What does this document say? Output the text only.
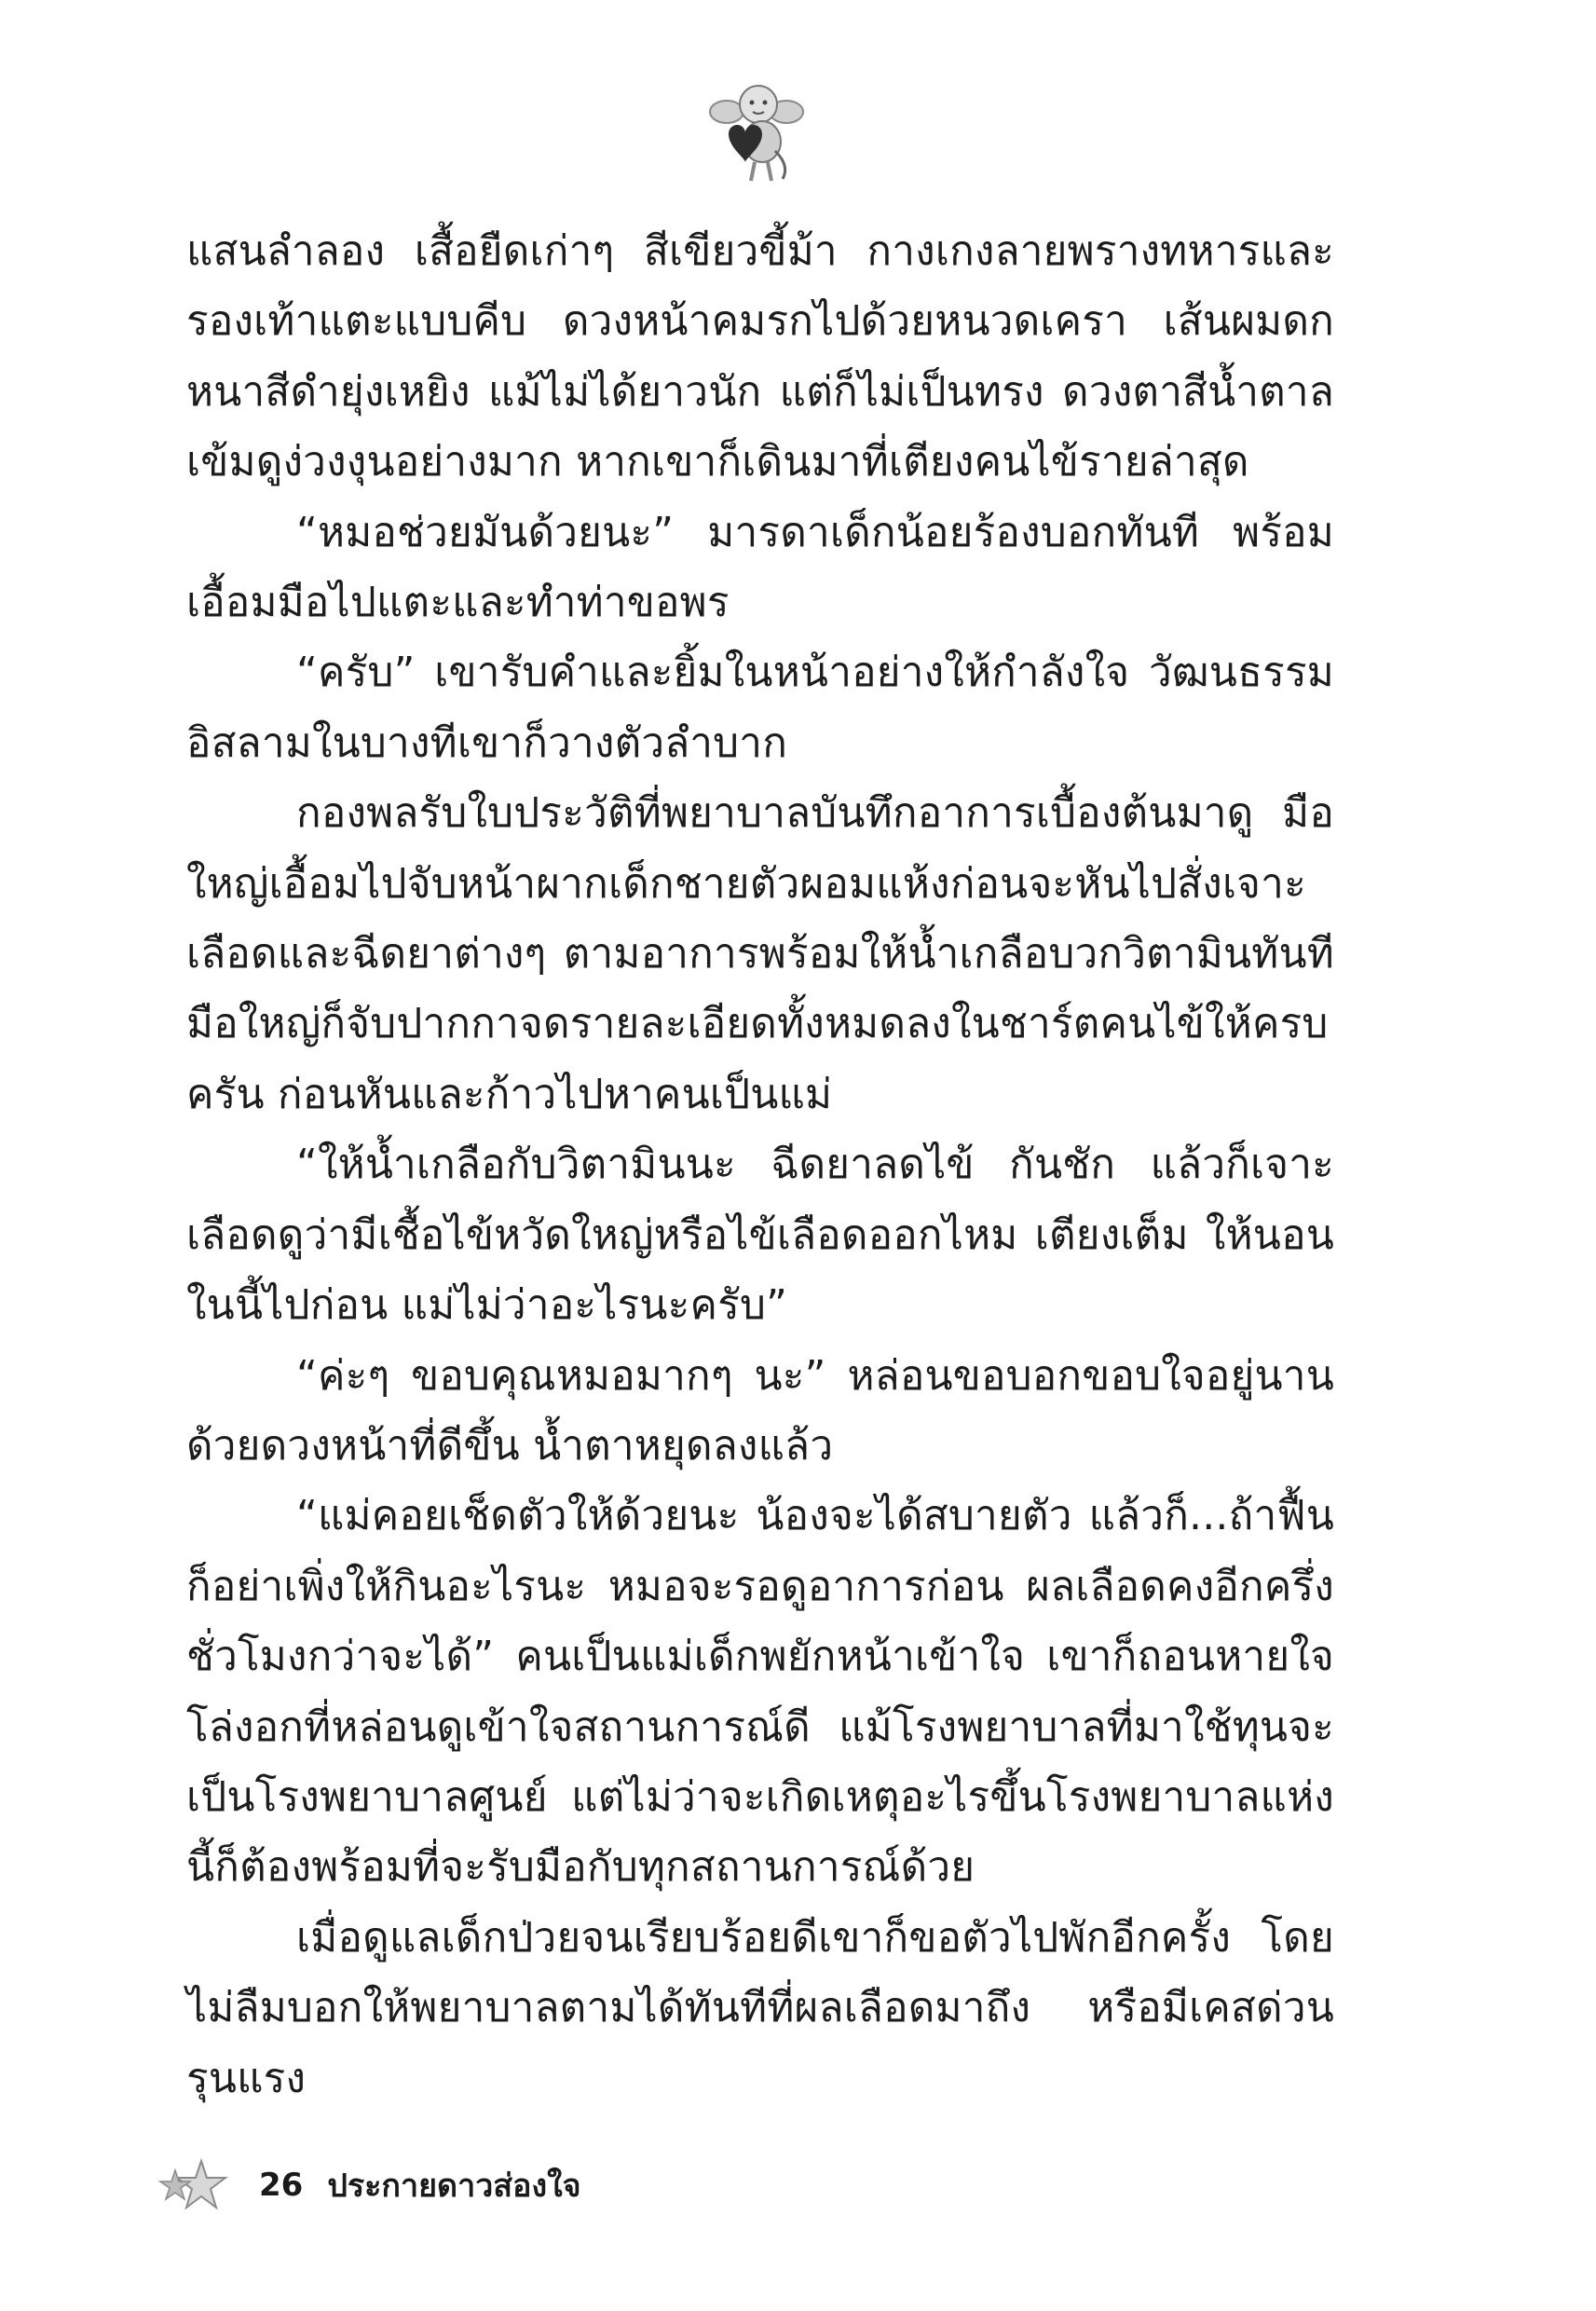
แสนลำลอง เสื้อยืดเก่าๆ สีเขียวขี้ม้า กางเกงลายพรางทหารและรองเท้าแตะแบบคีบ ดวงหน้าคมรกไปด้วยหนวดเครา เส้นผมดกหนาสีดำยุ่งเหยิง แม้ไม่ได้ยาวนัก แต่ก็ไม่เป็นทรง ดวงตาสีน้ำตาลเข้มดูง่วงงุนอย่างมาก หากเขาก็เดินมาที่เตียงคนไข้รายล่าสุด

“หมอช่วยมันด้วยนะ” มารดาเด็กน้อยร้องบอกทันที พร้อมเอื้อมมือไปแตะและทำท่าขอพร

“ครับ” เขารับคำและยิ้มในหน้าอย่างให้กำลังใจ วัฒนธรรมอิสลามในบางทีเขาก็วางตัวลำบาก

กองพลรับใบประวัติที่พยาบาลบันทึกอาการเบื้องต้นมาดู มือใหญ่เอื้อมไปจับหน้าผากเด็กชายตัวผอมแห้งก่อนจะหันไปสั่งเจาะเลือดและฉีดยาต่างๆ ตามอาการพร้อมให้น้ำเกลือบวกวิตามินทันที มือใหญ่ก็จับปากกาจดรายละเอียดทั้งหมดลงในชาร์ตคนไข้ให้ครบครัน ก่อนหันและก้าวไปหาคนเป็นแม่

“ให้น้ำเกลือกับวิตามินนะ ฉีดยาลดไข้ กันชัก แล้วก็เจาะเลือดดูว่ามีเชื้อไข้หวัดใหญ่หรือไข้เลือดออกไหม เตียงเต็ม ให้นอนในนี้ไปก่อน แม่ไม่ว่าอะไรนะครับ”

“ค่ะๆ ขอบคุณหมอมากๆ นะ” หล่อนขอบอกขอบใจอยู่นานด้วยดวงหน้าที่ดีขึ้น น้ำตาหยุดลงแล้ว

“แม่คอยเช็ดตัวให้ด้วยนะ น้องจะได้สบายตัว แล้วก็...ถ้าฟื้นก็อย่าเพิ่งให้กินอะไรนะ หมอจะรอดูอาการก่อน ผลเลือดคงอีกครึ่งชั่วโมงกว่าจะได้” คนเป็นแม่เด็กพยักหน้าเข้าใจ เขาก็ถอนหายใจโล่งอกที่หล่อนดูเข้าใจสถานการณ์ดี แม้โรงพยาบาลที่มาใช้ทุนจะเป็นโรงพยาบาลศูนย์ แต่ไม่ว่าจะเกิดเหตุอะไรขึ้นโรงพยาบาลแห่งนี้ก็ต้องพร้อมที่จะรับมือกับทุกสถานการณ์ด้วย

เมื่อดูแลเด็กป่วยจนเรียบร้อยดีเขาก็ขอตัวไปพักอีกครั้ง โดยไม่ลืมบอกให้พยาบาลตามได้ทันทีที่ผลเลือดมาถึง หรือมีเคสด่วนรุนแรง

26 ประกายดาวส่องใจ
